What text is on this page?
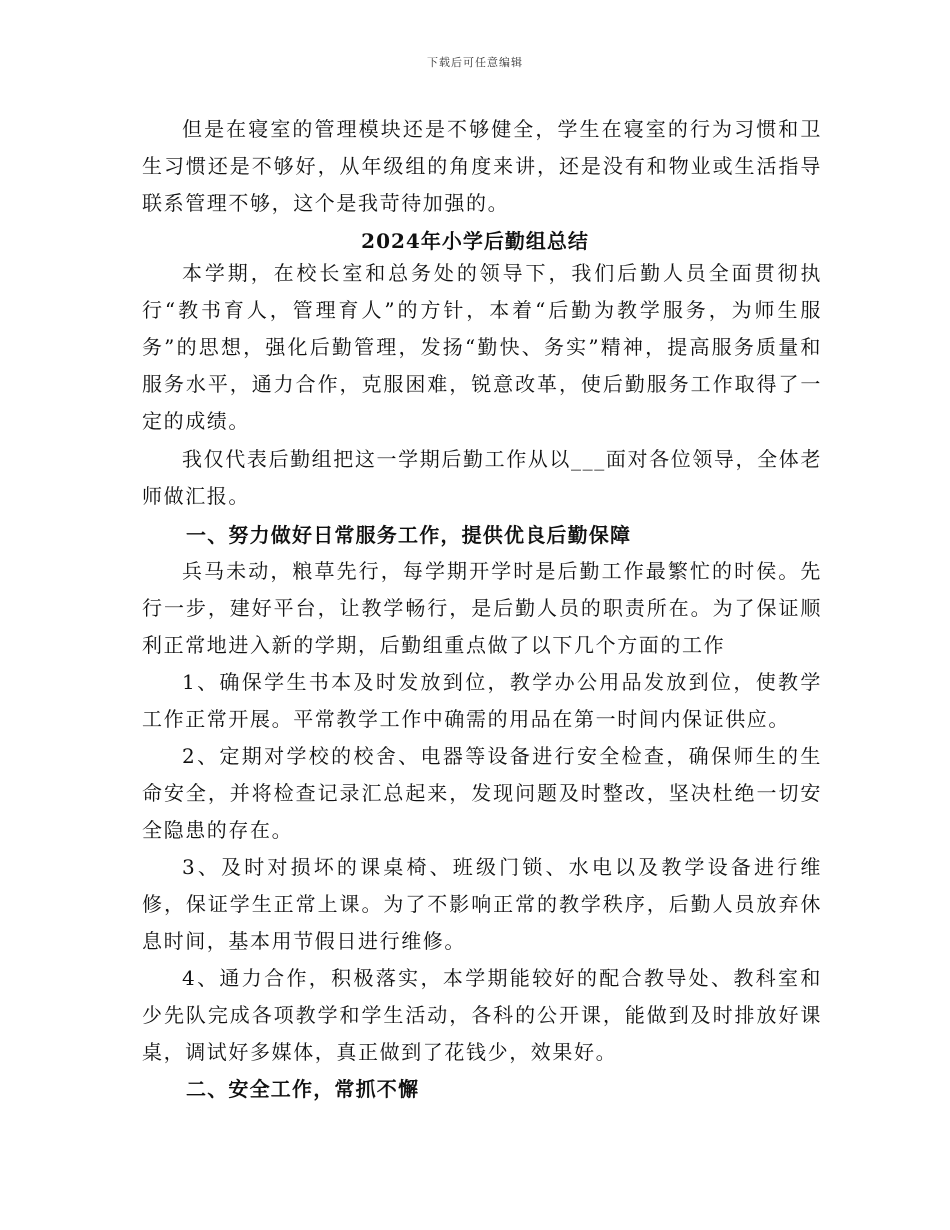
下载后可任意编辑

但是在寝室的管理模块还是不够健全，学生在寝室的行为习惯和卫生习惯还是不够好，从年级组的角度来讲，还是没有和物业或生活指导联系管理不够，这个是我苛待加强的。

2024年小学后勤组总结

本学期，在校长室和总务处的领导下，我们后勤人员全面贯彻执行“教书育人，管理育人”的方针，本着“后勤为教学服务，为师生服务”的思想，强化后勤管理，发扬“勤快、务实”精神，提高服务质量和服务水平，通力合作，克服困难，锐意改革，使后勤服务工作取得了一定的成绩。

我仅代表后勤组把这一学期后勤工作从以___面对各位领导，全体老师做汇报。

一、努力做好日常服务工作，提供优良后勤保障

兵马未动，粮草先行，每学期开学时是后勤工作最繁忙的时侯。先行一步，建好平台，让教学畅行，是后勤人员的职责所在。为了保证顺利正常地进入新的学期，后勤组重点做了以下几个方面的工作

1、确保学生书本及时发放到位，教学办公用品发放到位，使教学工作正常开展。平常教学工作中确需的用品在第一时间内保证供应。

2、定期对学校的校舍、电器等设备进行安全检查，确保师生的生命安全，并将检查记录汇总起来，发现问题及时整改，坚决杜绝一切安全隐患的存在。

3、及时对损坏的课桌椅、班级门锁、水电以及教学设备进行维修，保证学生正常上课。为了不影响正常的教学秩序，后勤人员放弃休息时间，基本用节假日进行维修。

4、通力合作，积极落实，本学期能较好的配合教导处、教科室和少先队完成各项教学和学生活动，各科的公开课，能做到及时排放好课桌，调试好多媒体，真正做到了花钱少，效果好。

二、安全工作，常抓不懈
